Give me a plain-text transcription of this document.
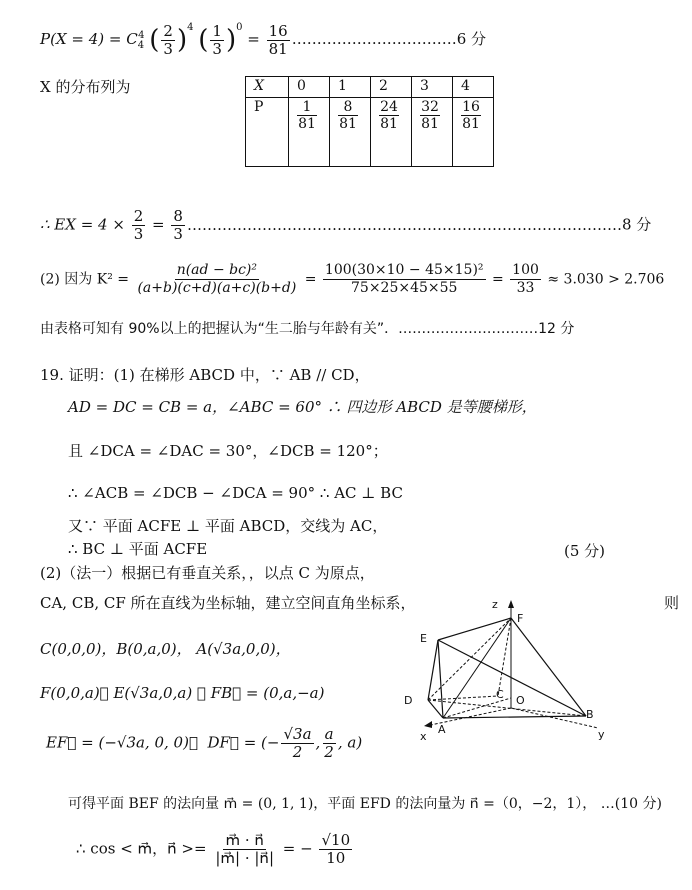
$P(X = 4) = C_4^4$ ( $\frac{2}{3} )^4$ ( $\frac{1}{3} )^0 = \frac{16}{81}$ ……………………………6 分
X 的分布列为	X	0	1	2	3	4
P	$\frac{1}{81}$	$\frac{8}{81}$	$\frac{24}{81}$	$\frac{32}{81}$	$\frac{16}{81}$
∴ EX = $4 \times \frac{2}{3} = \frac{8}{3}$ ……………………………………………………………………………8 分
(2) 因为 $K^2 = \frac{\text{n(ad − bc)²}}{(a+b)(c+d)(a+c)(b+d)} = \frac{\text{100(30×10 − 45×15)²}}{75\times 25\times 45\times 55} = \frac{100}{33} \approx 3.030 > 2.706$
由表格可知有 90%以上的把握认为“生二胎与年龄有关”．…………………………12 分
19. 证明：(1) 在梯形 ABCD 中，∵ AB // CD，
AD = DC = CB = a，∠ABC = 60° ∴ 四边形 ABCD 是等腰梯形，
且 ∠DCA = ∠DAC = 30°，∠DCB = 120°；
∴ ∠ACB = ∠DCB − ∠DCA = 90° ∴ AC ⊥ BC
又∵ 平面 ACFE ⊥ 平面 ABCD，交线为 AC，
∴ BC ⊥ 平面 ACFE	(5 分)
(2)（法一）根据已有垂直关系，，以点 C 为原点，
CA, CB, CF 所在直线为坐标轴，建立空间直角坐标系，	则
C(0,0,0)，B(0,a,0)， A(√3a,0,0)，
F(0,0,a)， E(√3a,0,a) ∴ FB⃗ = (0,a,−a)
EF⃗ = (−√3a, 0, 0)， DF⃗ = (− $\frac{√3a}{2}$ , $\frac{a}{2}$ , a)
可得平面 BEF 的法向量 m⃗ = (0, 1, 1)，平面 EFD 的法向量为 n⃗ =（0，−2，1）， …(10 分)
∴ cos < m⃗，n⃗ >= $\frac{m⃗ \cdot n⃗}{|m⃗| \cdot |n⃗|}$ = − $\frac{√10}{10}$
z
F
E
C O
D
A
B
x	y
